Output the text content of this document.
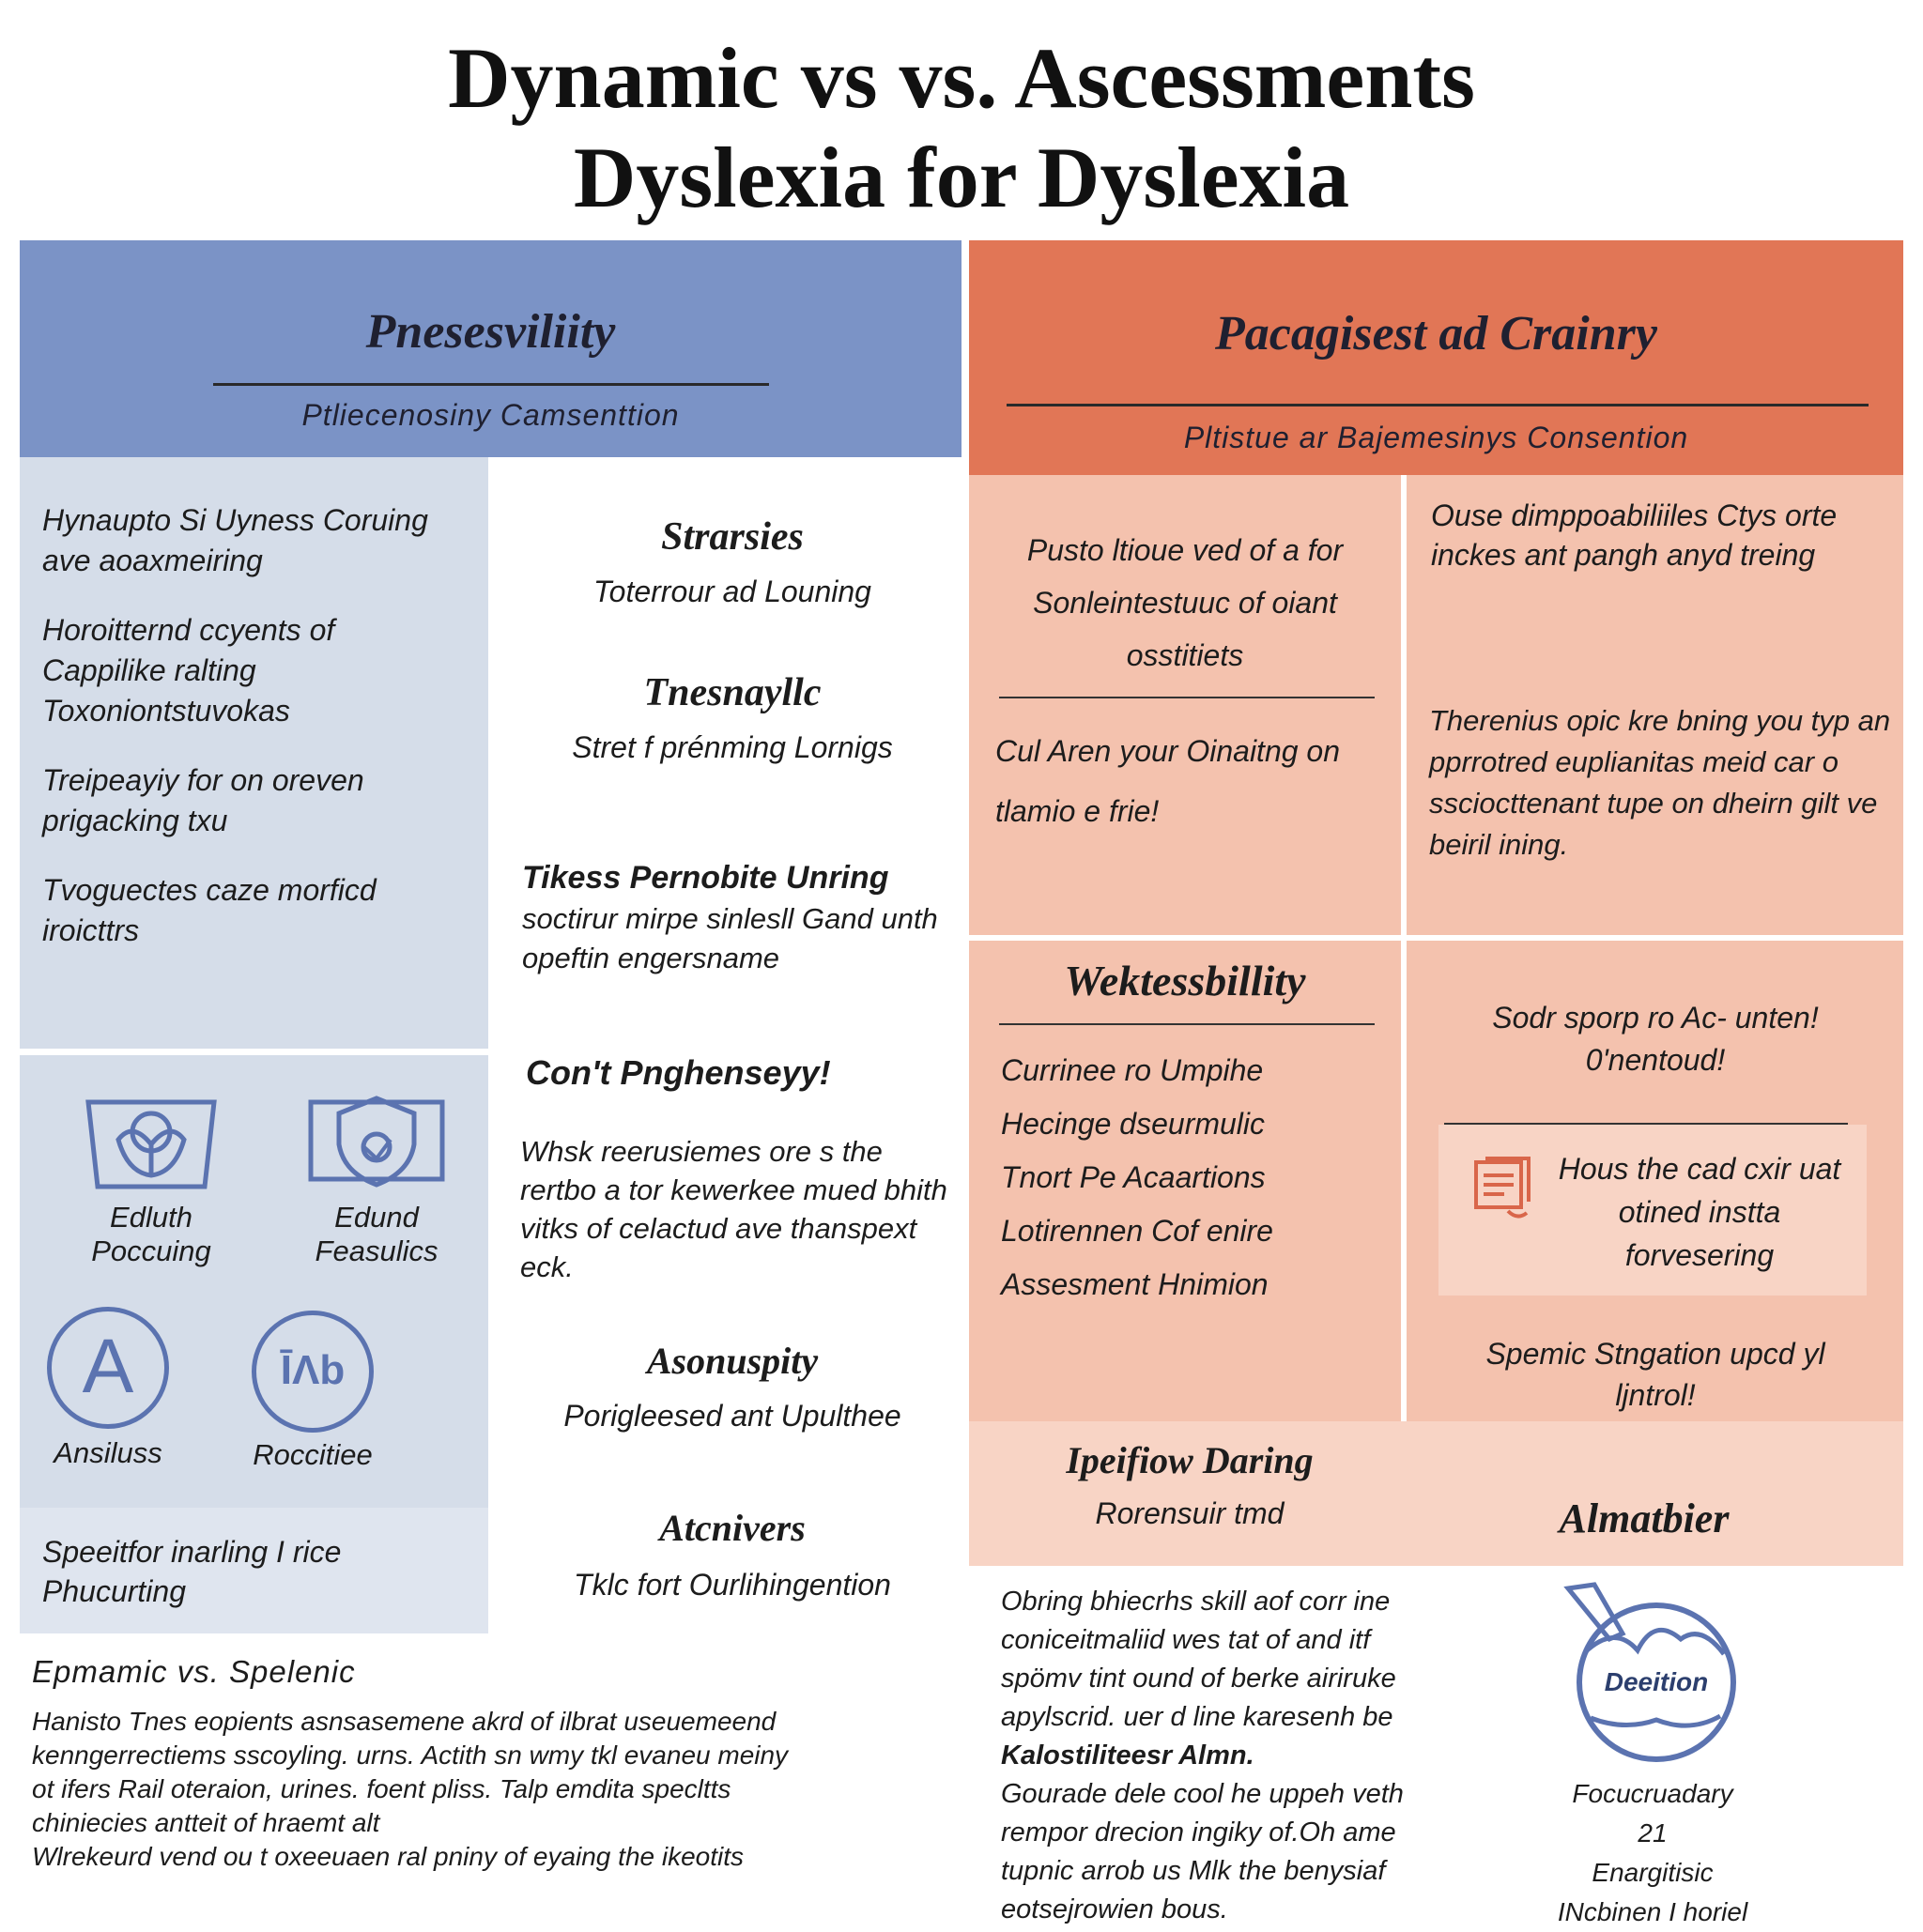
Dynamic vs vs. Ascessments
Dyslexia for Dyslexia
Pnesesviliity
Ptliecenosiny Camsenttion
Pacagisest ad Crainry
Pltistue ar Bajemesinys Consention

Hynaupto Si Uyness Coruing ave aoaxmeiring

Horoitternd ccyents of Cappilike ralting Toxoniontstuvokas

Treipeayiy for on oreven prigacking txu

Tvoguectes caze morficd iroicttrs

Edluth Poccuing
Edund Feasulics
A
Ansiluss
ĪΛb
Roccitiee
Speeitfor inarling I rice Phucurting
Strarsies
Toterrour ad Louning
Tnesnayllc
Stret f prénming Lornigs
Tikess Pernobite Unring
soctirur mirpe sinlesll Gand unth opeftin engersname
Con't Pnghenseyy!
Whsk reerusiemes ore s the rertbo a tor kewerkee mued bhith vitks of celactud ave thanspext eck.
Asonuspity
Porigleesed ant Upulthee
Atcnivers
Tklc fort Ourlihingention
Pusto ltioue ved of a for Sonleintestuuc of oiant osstitiets
Cul Aren your Oinaitng on tlamio e frie!
Ouse dimppoabiliiles Ctys orte inckes ant pangh anyd treing
Therenius opic kre bning you typ an pprrotred euplianitas meid car o ssciocttenant tupe on dheirn gilt ve beiril ining.
Wektessbillity
Currinee ro Umpihe
Hecinge dseurmulic
Tnort Pe Acaartions
Lotirennen Cof enire
Assesment Hnimion
Sodr sporp ro Ac- unten! 0'nentoud!
Hous the cad cxir uat otined instta forvesering
Spemic Stngation upcd yl ljntrol!
Ipeifiow Daring
Rorensuir tmd	Almatbier
Epmamic vs. Spelenic
Hanisto Tnes eopients asnsasemene akrd of ilbrat useuemeend
kenngerrectiems sscoyling. urns. Actith sn wmy tkl evaneu meiny
ot ifers Rail oteraion, urines. foent pliss. Talp emdita specltts
chiniecies antteit of hraemt alt
Wlrekeurd vend ou t oxeeuaen ral pniny of eyaing the ikeotits
Obring bhiecrhs skill aof corr ine
coniceitmaliid wes tat of and itf
spömv tint ound of berke airiruke
apylscrid. uer d line karesenh be
Kalostiliteesr Almn.
Gourade dele cool he uppeh veth
rempor drecion ingiky of.Oh ame
tupnic arrob us Mlk the benysiaf
eotsejrowien bous.
Deeition
Focucruadary
21
Enargitisic
INcbinen I horiel
